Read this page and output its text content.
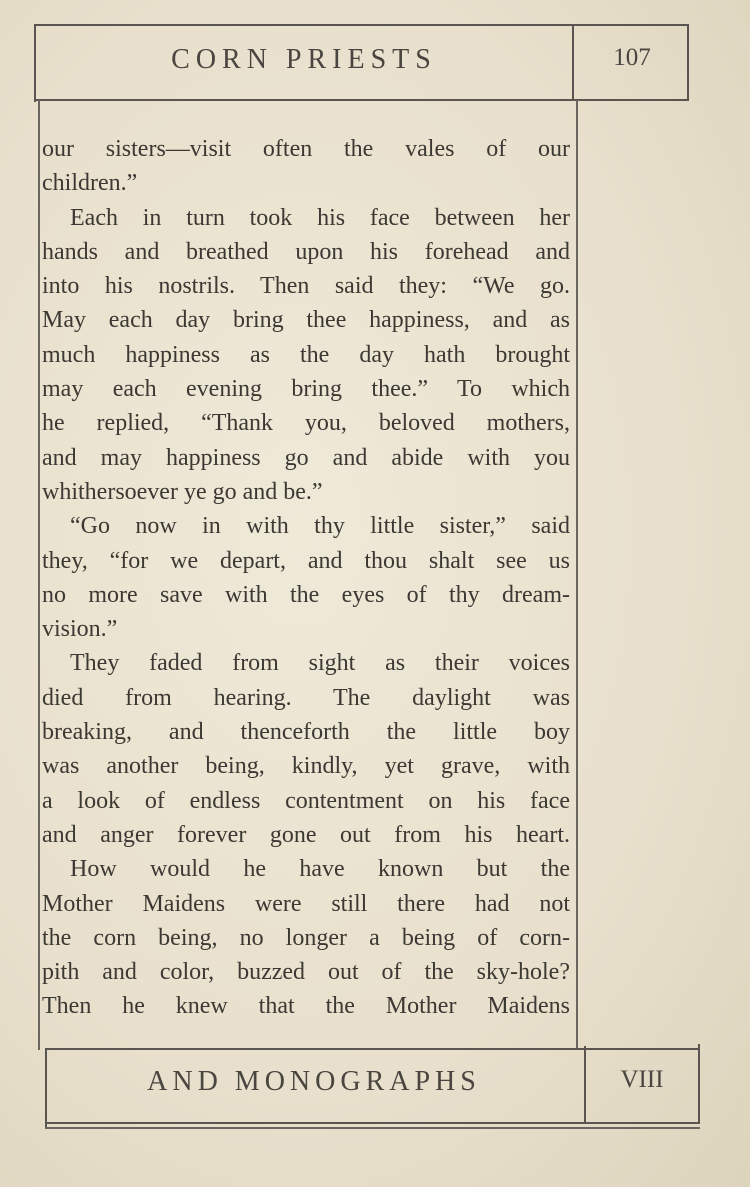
CORN PRIESTS	107
our sisters—visit often the vales of our
children.”
Each in turn took his face between her
hands and breathed upon his forehead and
into his nostrils. Then said they: “We go.
May each day bring thee happiness, and as
much happiness as the day hath brought
may each evening bring thee.” To which
he replied, “Thank you, beloved mothers,
and may happiness go and abide with you
whithersoever ye go and be.”
“Go now in with thy little sister,” said
they, “for we depart, and thou shalt see us
no more save with the eyes of thy dream-
vision.”
They faded from sight as their voices
died from hearing. The daylight was
breaking, and thenceforth the little boy
was another being, kindly, yet grave, with
a look of endless contentment on his face
and anger forever gone out from his heart.
How would he have known but the
Mother Maidens were still there had not
the corn being, no longer a being of corn-
pith and color, buzzed out of the sky-hole?
Then he knew that the Mother Maidens
AND MONOGRAPHS	VIII
